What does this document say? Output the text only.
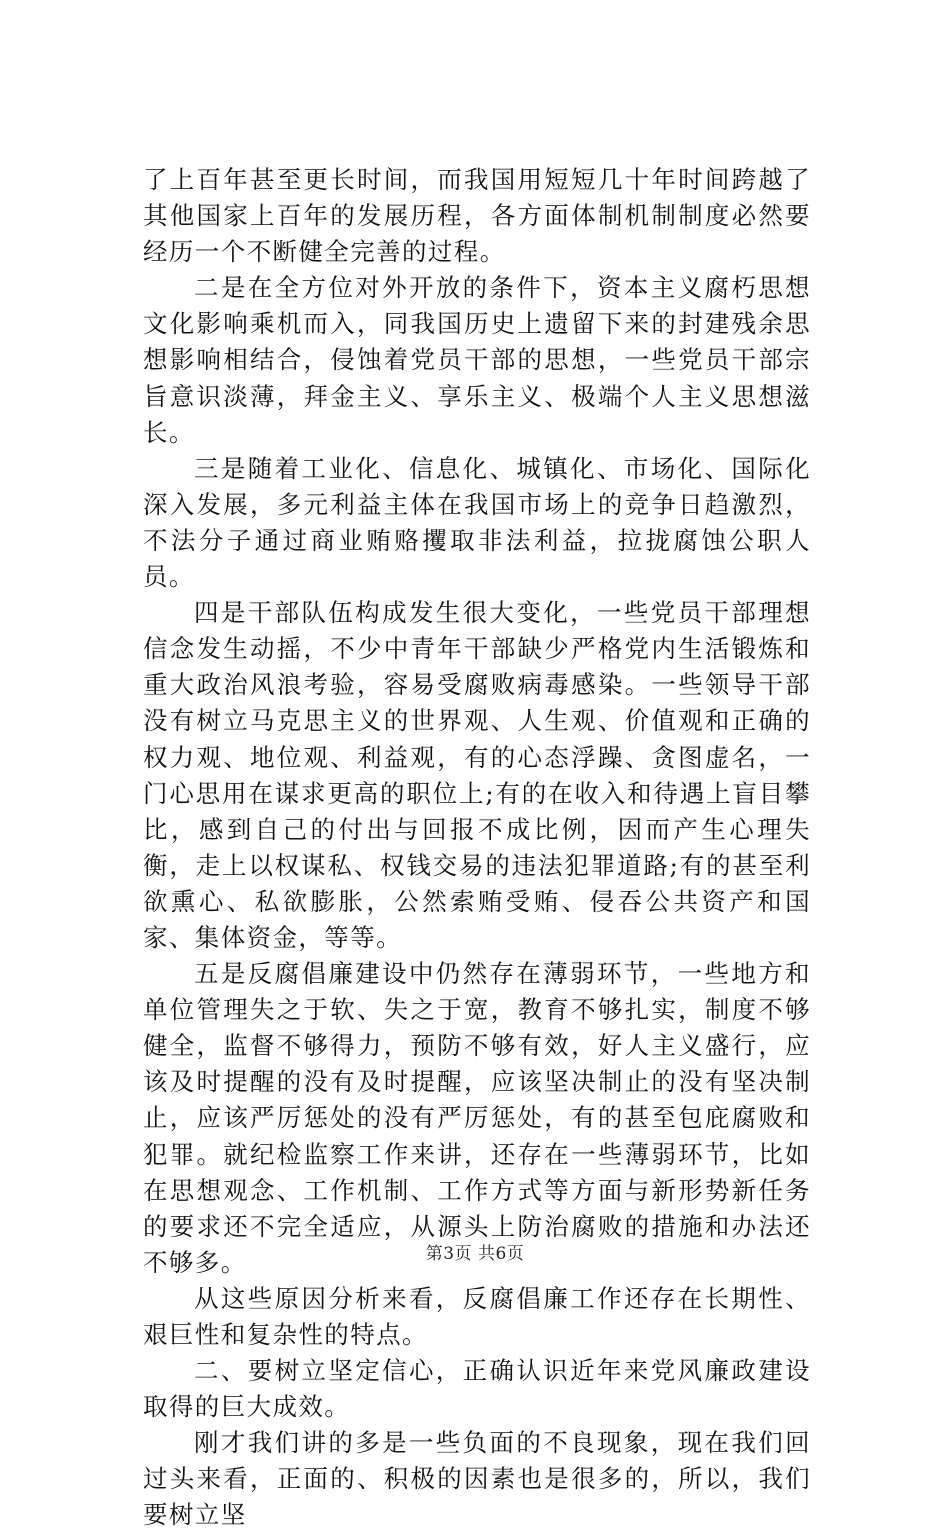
了上百年甚至更长时间，而我国用短短几十年时间跨越了其他国家上百年的发展历程，各方面体制机制制度必然要经历一个不断健全完善的过程。

二是在全方位对外开放的条件下，资本主义腐朽思想文化影响乘机而入，同我国历史上遗留下来的封建残余思想影响相结合，侵蚀着党员干部的思想，一些党员干部宗旨意识淡薄，拜金主义、享乐主义、极端个人主义思想滋长。

三是随着工业化、信息化、城镇化、市场化、国际化深入发展，多元利益主体在我国市场上的竞争日趋激烈，不法分子通过商业贿赂攫取非法利益，拉拢腐蚀公职人员。

四是干部队伍构成发生很大变化，一些党员干部理想信念发生动摇，不少中青年干部缺少严格党内生活锻炼和重大政治风浪考验，容易受腐败病毒感染。一些领导干部没有树立马克思主义的世界观、人生观、价值观和正确的权力观、地位观、利益观，有的心态浮躁、贪图虚名，一门心思用在谋求更高的职位上;有的在收入和待遇上盲目攀比，感到自己的付出与回报不成比例，因而产生心理失衡，走上以权谋私、权钱交易的违法犯罪道路;有的甚至利欲熏心、私欲膨胀，公然索贿受贿、侵吞公共资产和国家、集体资金，等等。

五是反腐倡廉建设中仍然存在薄弱环节，一些地方和单位管理失之于软、失之于宽，教育不够扎实，制度不够健全，监督不够得力，预防不够有效，好人主义盛行，应该及时提醒的没有及时提醒，应该坚决制止的没有坚决制止，应该严厉惩处的没有严厉惩处，有的甚至包庇腐败和犯罪。就纪检监察工作来讲，还存在一些薄弱环节，比如在思想观念、工作机制、工作方式等方面与新形势新任务的要求还不完全适应，从源头上防治腐败的措施和办法还不够多。

从这些原因分析来看，反腐倡廉工作还存在长期性、艰巨性和复杂性的特点。

二、要树立坚定信心，正确认识近年来党风廉政建设取得的巨大成效。

刚才我们讲的多是一些负面的不良现象，现在我们回过头来看，正面的、积极的因素也是很多的，所以，我们要树立坚

第3页 共6页
